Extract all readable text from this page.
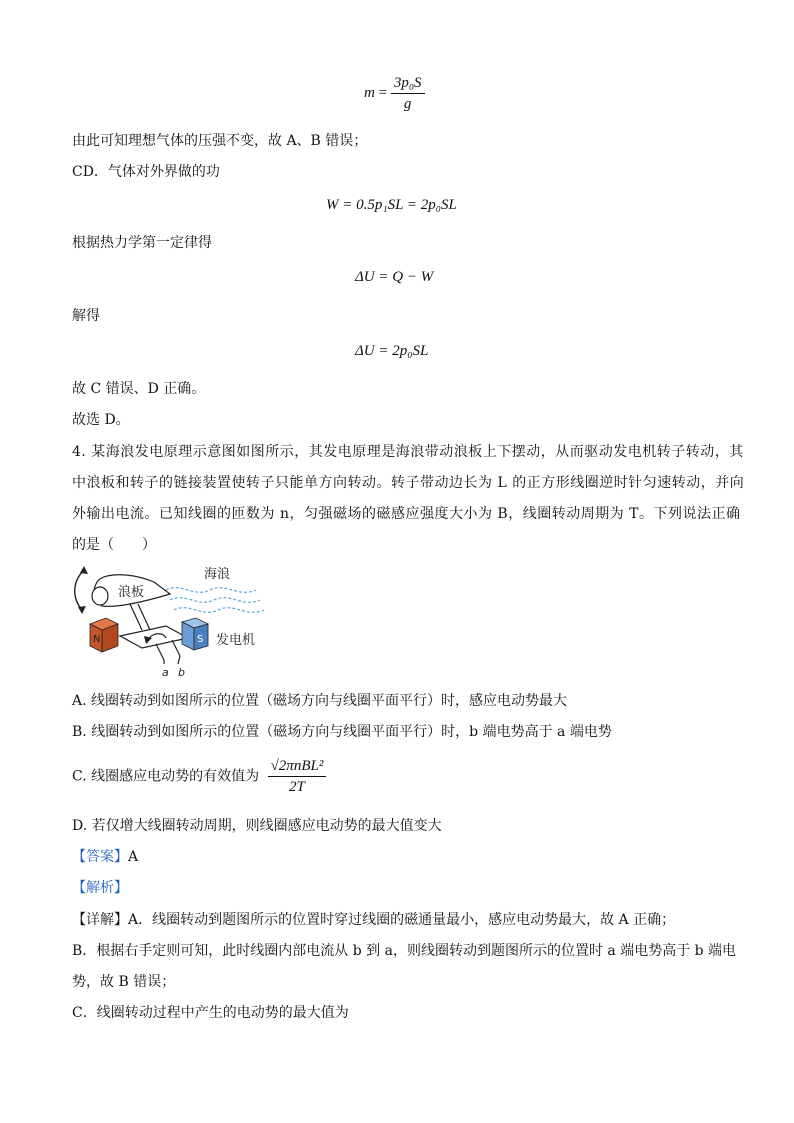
$m = \frac{\text{3p₀S}}{g}$
由此可知理想气体的压强不变，故 A、B 错误；
CD．气体对外界做的功
W = 0.5p₁SL = 2p₀SL
根据热力学第一定律得
ΔU = Q − W
解得
ΔU = 2p₀SL
故 C 错误、D 正确。
故选 D。
4. 某海浪发电原理示意图如图所示，其发电原理是海浪带动浪板上下摆动，从而驱动发电机转子转动，其
中浪板和转子的链接装置使转子只能单方向转动。转子带动边长为 L 的正方形线圈逆时针匀速转动，并向
外输出电流。已知线圈的匝数为 n，匀强磁场的磁感应强度大小为 B，线圈转动周期为 T。下列说法正确
的是（　　）
浪板
海浪
N
a b
S 发电机
A. 线圈转动到如图所示的位置（磁场方向与线圈平面平行）时，感应电动势最大
B. 线圈转动到如图所示的位置（磁场方向与线圈平面平行）时，b 端电势高于 a 端电势
C. 线圈感应电动势的有效值为 $\frac{\text{√2πnBL²}}{2T}$
D. 若仅增大线圈转动周期，则线圈感应电动势的最大值变大
【答案】A
【解析】
【详解】A．线圈转动到题图所示的位置时穿过线圈的磁通量最小，感应电动势最大，故 A 正确；
B．根据右手定则可知，此时线圈内部电流从 b 到 a，则线圈转动到题图所示的位置时 a 端电势高于 b 端电
势，故 B 错误；
C．线圈转动过程中产生的电动势的最大值为
